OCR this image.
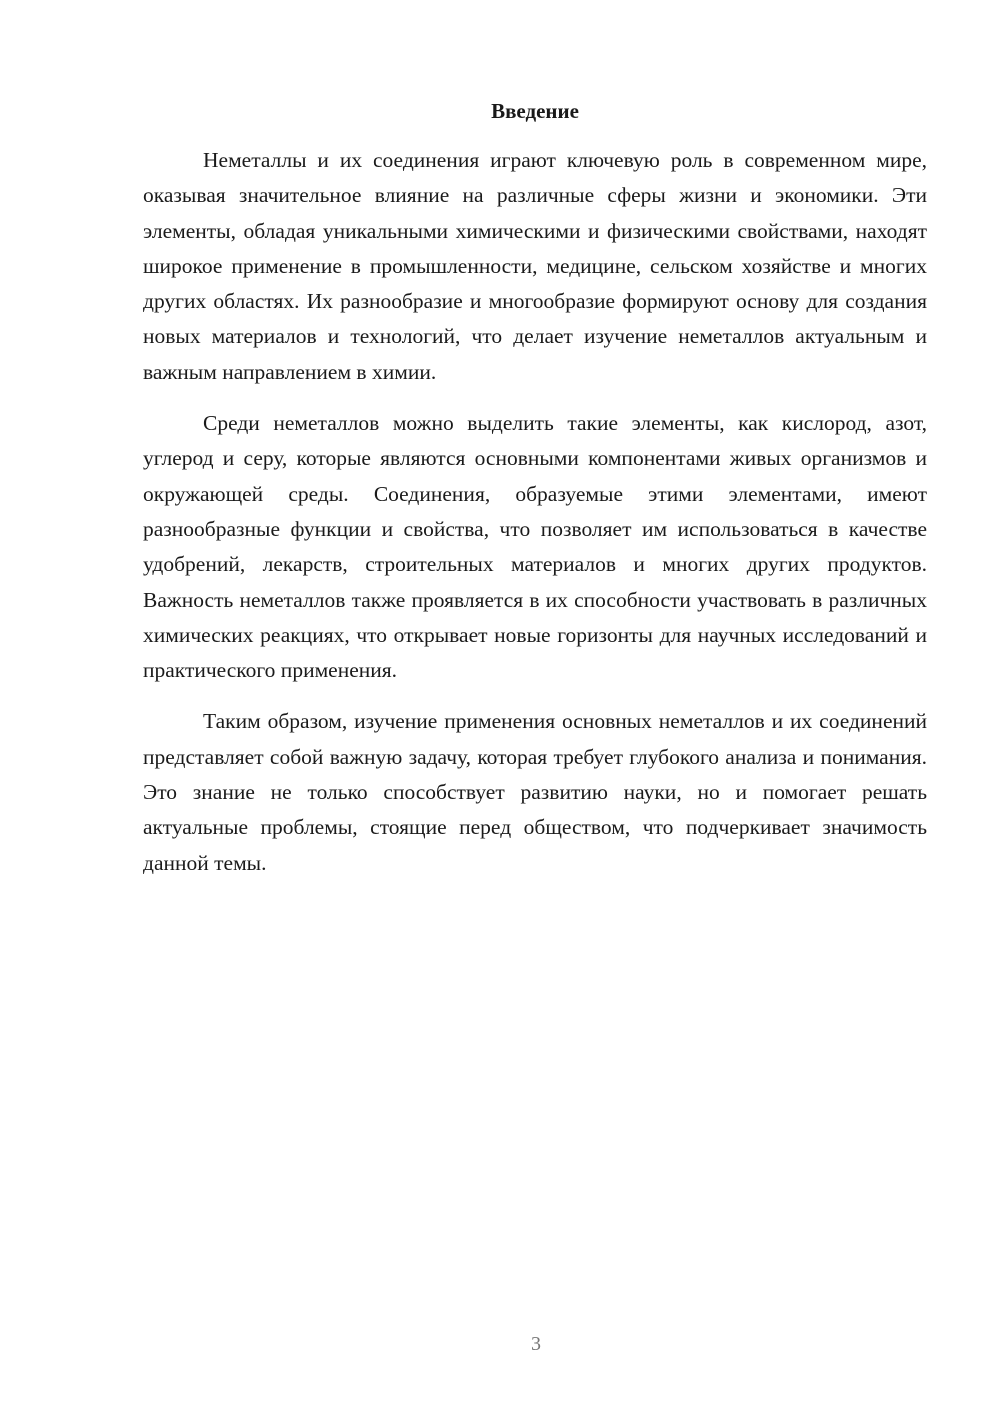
Введение

Неметаллы и их соединения играют ключевую роль в современном мире, оказывая значительное влияние на различные сферы жизни и экономики. Эти элементы, обладая уникальными химическими и физическими свойствами, находят широкое применение в промышленности, медицине, сельском хозяйстве и многих других областях. Их разнообразие и многообразие формируют основу для создания новых материалов и технологий, что делает изучение неметаллов актуальным и важным направлением в химии.

Среди неметаллов можно выделить такие элементы, как кислород, азот, углерод и серу, которые являются основными компонентами живых организмов и окружающей среды. Соединения, образуемые этими элементами, имеют разнообразные функции и свойства, что позволяет им использоваться в качестве удобрений, лекарств, строительных материалов и многих других продуктов. Важность неметаллов также проявляется в их способности участвовать в различных химических реакциях, что открывает новые горизонты для научных исследований и практического применения.

Таким образом, изучение применения основных неметаллов и их соединений представляет собой важную задачу, которая требует глубокого анализа и понимания. Это знание не только способствует развитию науки, но и помогает решать актуальные проблемы, стоящие перед обществом, что подчеркивает значимость данной темы.

3
